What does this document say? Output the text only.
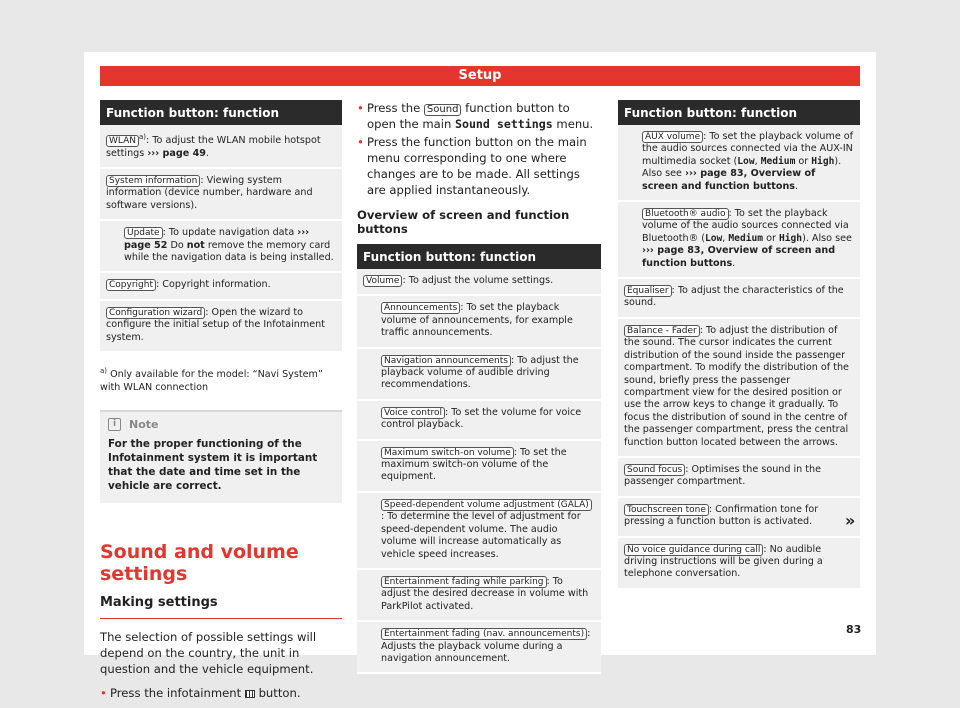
Setup
Function button: function
WLAN $^{a)}$: To adjust the WLAN mobile hotspot settings ››› page 49.
System information : Viewing system information (device number, hardware and software versions).
Update : To update navigation data ››› page 52 Do not remove the memory card while the navigation data is being installed.
Copyright : Copyright information.
Configuration wizard : Open the wizard to configure the initial setup of the Infotainment system.
$^{a)}$ Only available for the model: “Navi System” with WLAN connection
i	Note
For the proper functioning of the Infotainment system it is important that the date and time set in the vehicle are correct.
Sound and volume settings
Making settings
The selection of possible settings will depend on the country, the unit in question and the vehicle equipment.
• Press the infotainment  button.
• Press the Sound function button to open the main Sound settings menu.
• Press the function button on the main menu corresponding to one where changes are to be made. All settings are applied instantaneously.
Overview of screen and function buttons
Function button: function
Volume : To adjust the volume settings.
Announcements : To set the playback volume of announcements, for example traffic announcements.
Navigation announcements : To adjust the playback volume of audible driving recommendations.
Voice control : To set the volume for voice control playback.
Maximum switch-on volume : To set the maximum switch-on volume of the equipment.
Speed-dependent volume adjustment (GALA): To determine the level of adjustment for speed-dependent volume. The audio volume will increase automatically as vehicle speed increases.
Entertainment fading while parking : To adjust the desired decrease in volume with ParkPilot activated.
Entertainment fading (nav. announcements) : Adjusts the playback volume during a navigation announcement.
Function button: function
AUX volume : To set the playback volume of the audio sources connected via the AUX-IN multimedia socket (Low, Medium or High). Also see ››› page 83, Overview of screen and function buttons.
Bluetooth® audio : To set the playback volume of the audio sources connected via Bluetooth® (Low, Medium or High). Also see ››› page 83, Overview of screen and function buttons.
Equaliser : To adjust the characteristics of the sound.
Balance - Fader : To adjust the distribution of the sound. The cursor indicates the current distribution of the sound inside the passenger compartment. To modify the distribution of the sound, briefly press the passenger compartment view for the desired position or use the arrow keys to change it gradually. To focus the distribution of sound in the centre of the passenger compartment, press the central function button located between the arrows.
Sound focus : Optimises the sound in the passenger compartment.
Touchscreen tone : Confirmation tone for pressing a function button is activated.
No voice guidance during call : No audible driving instructions will be given during a telephone conversation.
»
83
